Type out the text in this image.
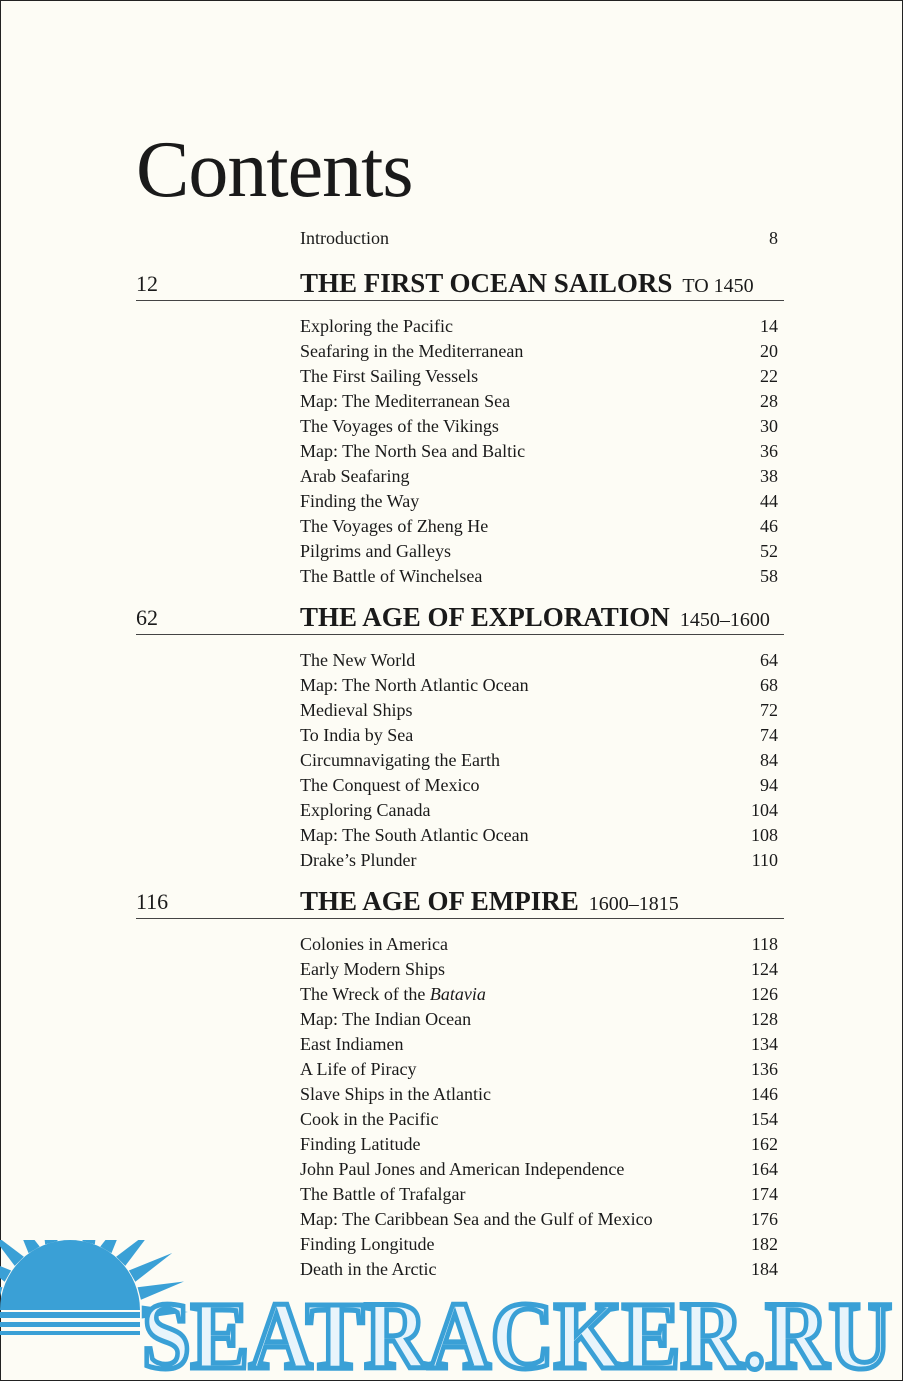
Contents
Introduction	8
12	THE FIRST OCEAN SAILORS TO 1450
Exploring the Pacific	14
Seafaring in the Mediterranean	20
The First Sailing Vessels	22
Map: The Mediterranean Sea	28
The Voyages of the Vikings	30
Map: The North Sea and Baltic	36
Arab Seafaring	38
Finding the Way	44
The Voyages of Zheng He	46
Pilgrims and Galleys	52
The Battle of Winchelsea	58
62	THE AGE OF EXPLORATION 1450–1600
The New World	64
Map: The North Atlantic Ocean	68
Medieval Ships	72
To India by Sea	74
Circumnavigating the Earth	84
The Conquest of Mexico	94
Exploring Canada	104
Map: The South Atlantic Ocean	108
Drake’s Plunder	110
116	THE AGE OF EMPIRE 1600–1815
Colonies in America	118
Early Modern Ships	124
The Wreck of the Batavia	126
Map: The Indian Ocean	128
East Indiamen	134
A Life of Piracy	136
Slave Ships in the Atlantic	146
Cook in the Pacific	154
Finding Latitude	162
John Paul Jones and American Independence	164
The Battle of Trafalgar	174
Map: The Caribbean Sea and the Gulf of Mexico	176
Finding Longitude	182
Death in the Arctic	184
SEATRACKER.RU
